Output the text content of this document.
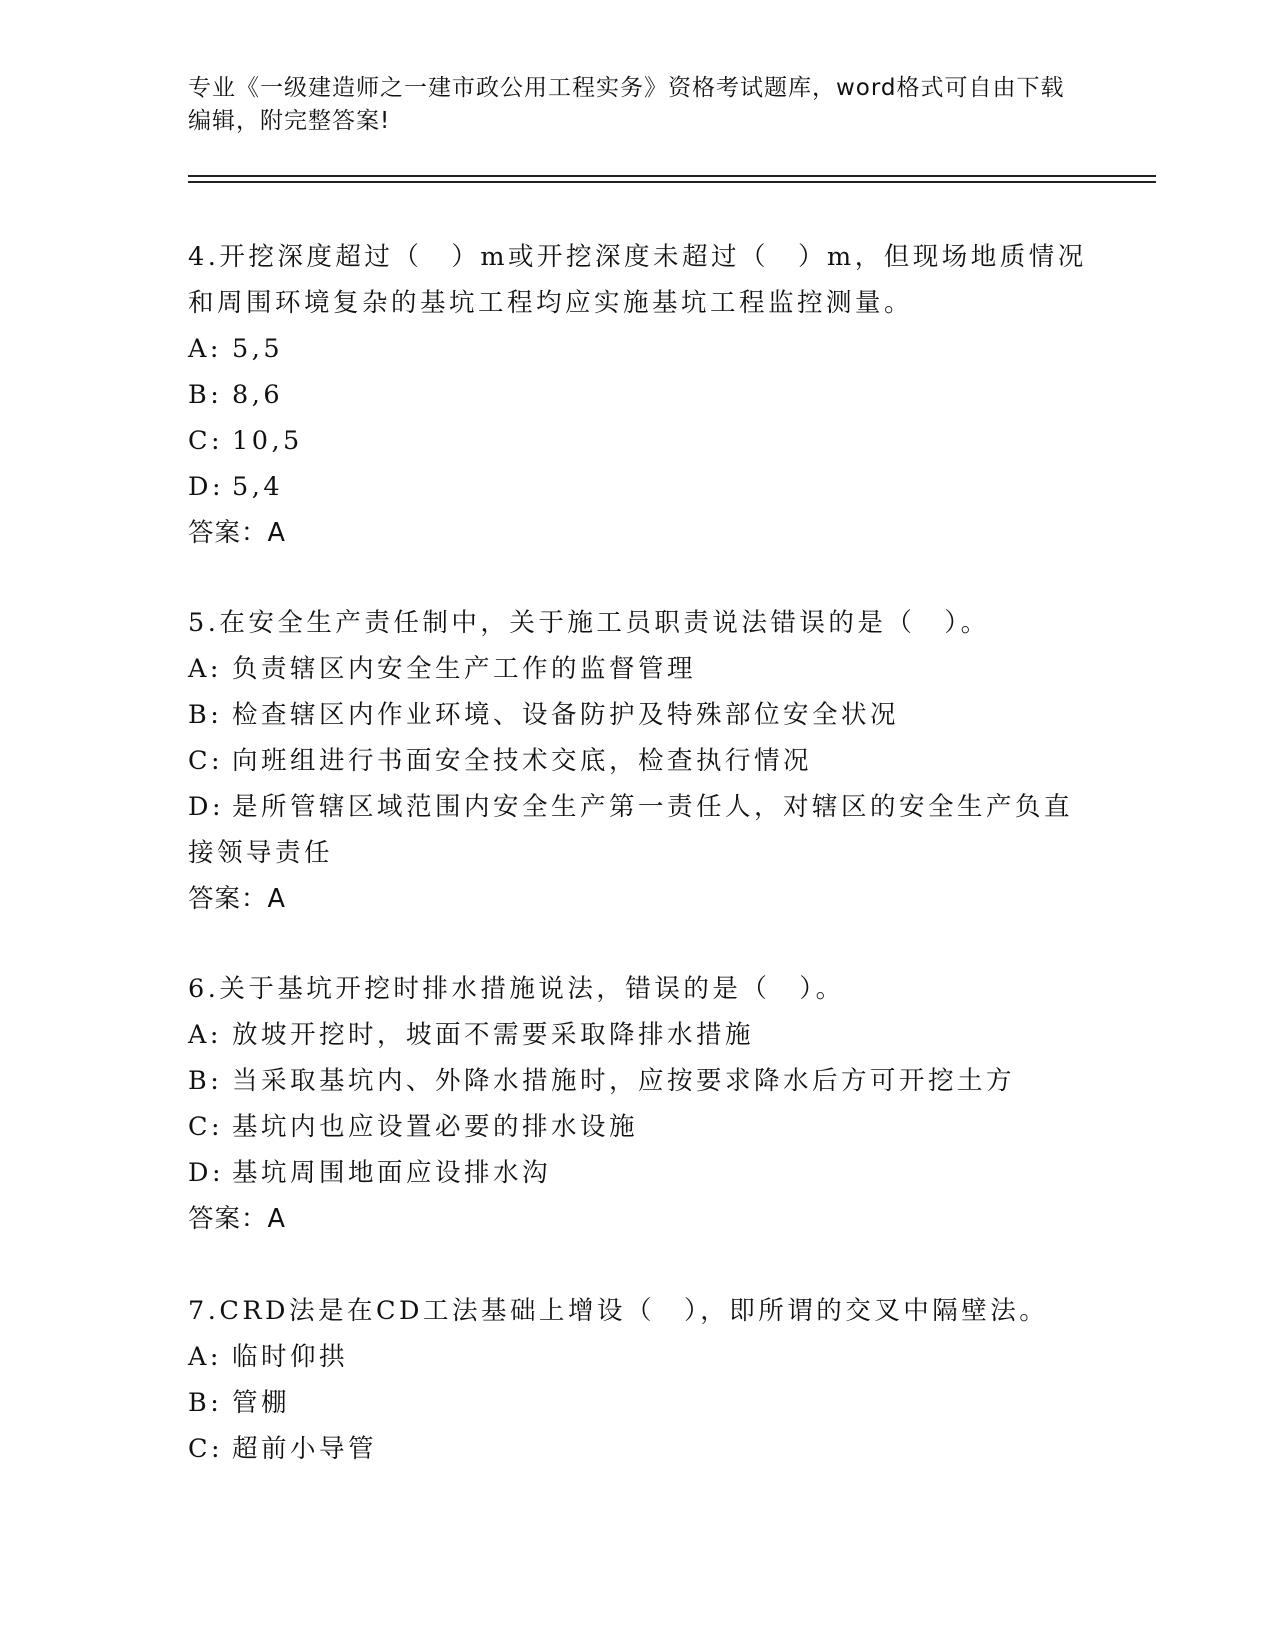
专业《一级建造师之一建市政公用工程实务》资格考试题库，word格式可自由下载编辑，附完整答案!

4.开挖深度超过（　）m或开挖深度未超过（　）m，但现场地质情况和周围环境复杂的基坑工程均应实施基坑工程监控测量。

A: 5,5

B: 8,6

C: 10,5

D: 5,4

答案：A

5.在安全生产责任制中，关于施工员职责说法错误的是（　）。

A: 负责辖区内安全生产工作的监督管理

B: 检查辖区内作业环境、设备防护及特殊部位安全状况

C: 向班组进行书面安全技术交底，检查执行情况

D: 是所管辖区域范围内安全生产第一责任人，对辖区的安全生产负直接领导责任

答案：A

6.关于基坑开挖时排水措施说法，错误的是（　）。

A: 放坡开挖时，坡面不需要采取降排水措施

B: 当采取基坑内、外降水措施时，应按要求降水后方可开挖土方

C: 基坑内也应设置必要的排水设施

D: 基坑周围地面应设排水沟

答案：A

7.CRD法是在CD工法基础上增设（　），即所谓的交叉中隔壁法。

A: 临时仰拱

B: 管棚

C: 超前小导管
